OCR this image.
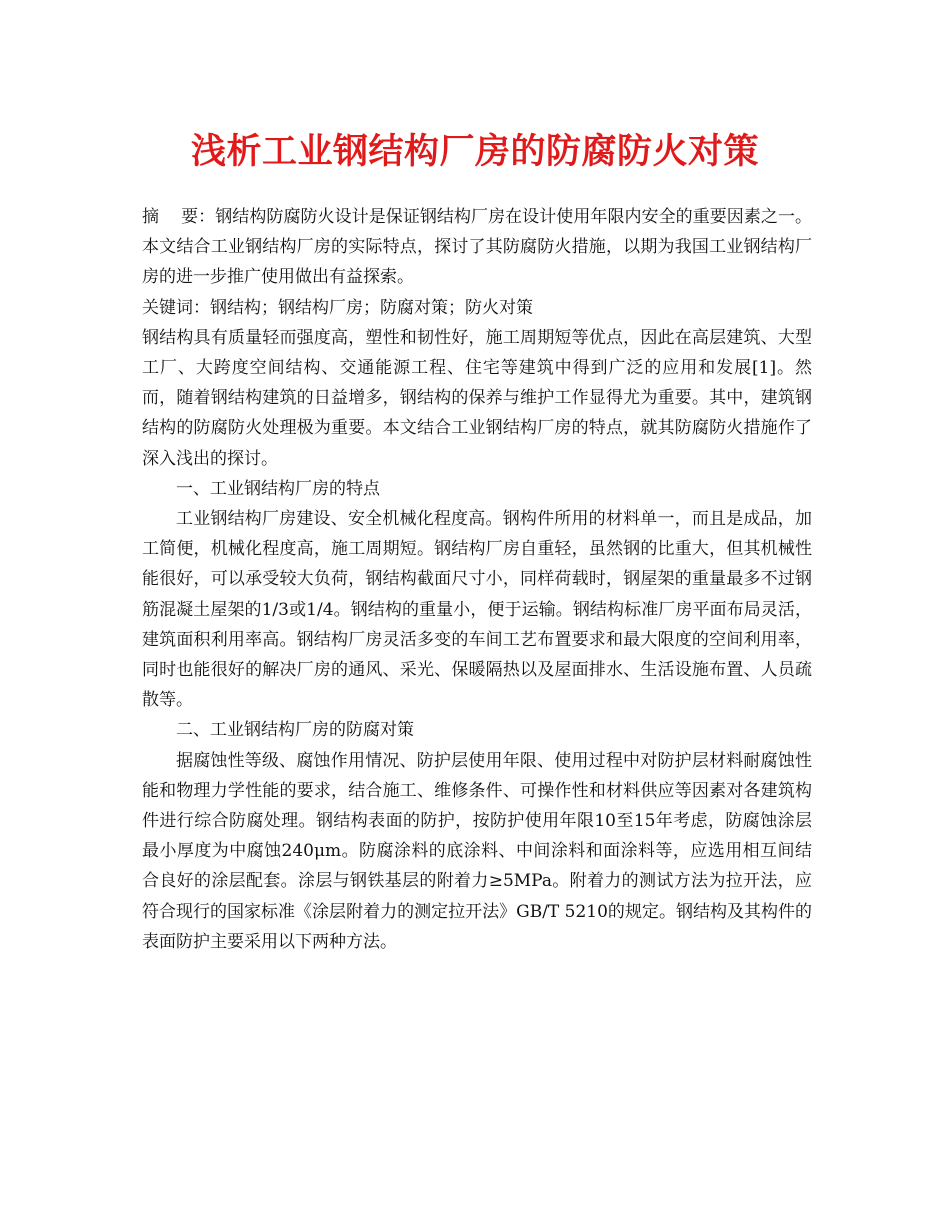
浅析工业钢结构厂房的防腐防火对策

摘 要：钢结构防腐防火设计是保证钢结构厂房在设计使用年限内安全的重要因素之一。本文结合工业钢结构厂房的实际特点，探讨了其防腐防火措施，以期为我国工业钢结构厂房的进一步推广使用做出有益探索。

关键词：钢结构；钢结构厂房；防腐对策；防火对策

钢结构具有质量轻而强度高，塑性和韧性好，施工周期短等优点，因此在高层建筑、大型工厂、大跨度空间结构、交通能源工程、住宅等建筑中得到广泛的应用和发展[1]。然而，随着钢结构建筑的日益增多，钢结构的保养与维护工作显得尤为重要。其中，建筑钢结构的防腐防火处理极为重要。本文结合工业钢结构厂房的特点，就其防腐防火措施作了深入浅出的探讨。

一、工业钢结构厂房的特点

工业钢结构厂房建设、安全机械化程度高。钢构件所用的材料单一，而且是成品，加工简便，机械化程度高，施工周期短。钢结构厂房自重轻，虽然钢的比重大，但其机械性能很好，可以承受较大负荷，钢结构截面尺寸小，同样荷载时，钢屋架的重量最多不过钢筋混凝土屋架的1/3或1/4。钢结构的重量小，便于运输。钢结构标准厂房平面布局灵活，建筑面积利用率高。钢结构厂房灵活多变的车间工艺布置要求和最大限度的空间利用率，同时也能很好的解决厂房的通风、采光、保暖隔热以及屋面排水、生活设施布置、人员疏散等。

二、工业钢结构厂房的防腐对策

据腐蚀性等级、腐蚀作用情况、防护层使用年限、使用过程中对防护层材料耐腐蚀性能和物理力学性能的要求，结合施工、维修条件、可操作性和材料供应等因素对各建筑构件进行综合防腐处理。钢结构表面的防护，按防护使用年限10至15年考虑，防腐蚀涂层最小厚度为中腐蚀240μm。防腐涂料的底涂料、中间涂料和面涂料等，应选用相互间结合良好的涂层配套。涂层与钢铁基层的附着力≥5MPa。附着力的测试方法为拉开法，应符合现行的国家标准《涂层附着力的测定拉开法》GB/T 5210的规定。钢结构及其构件的表面防护主要采用以下两种方法。
